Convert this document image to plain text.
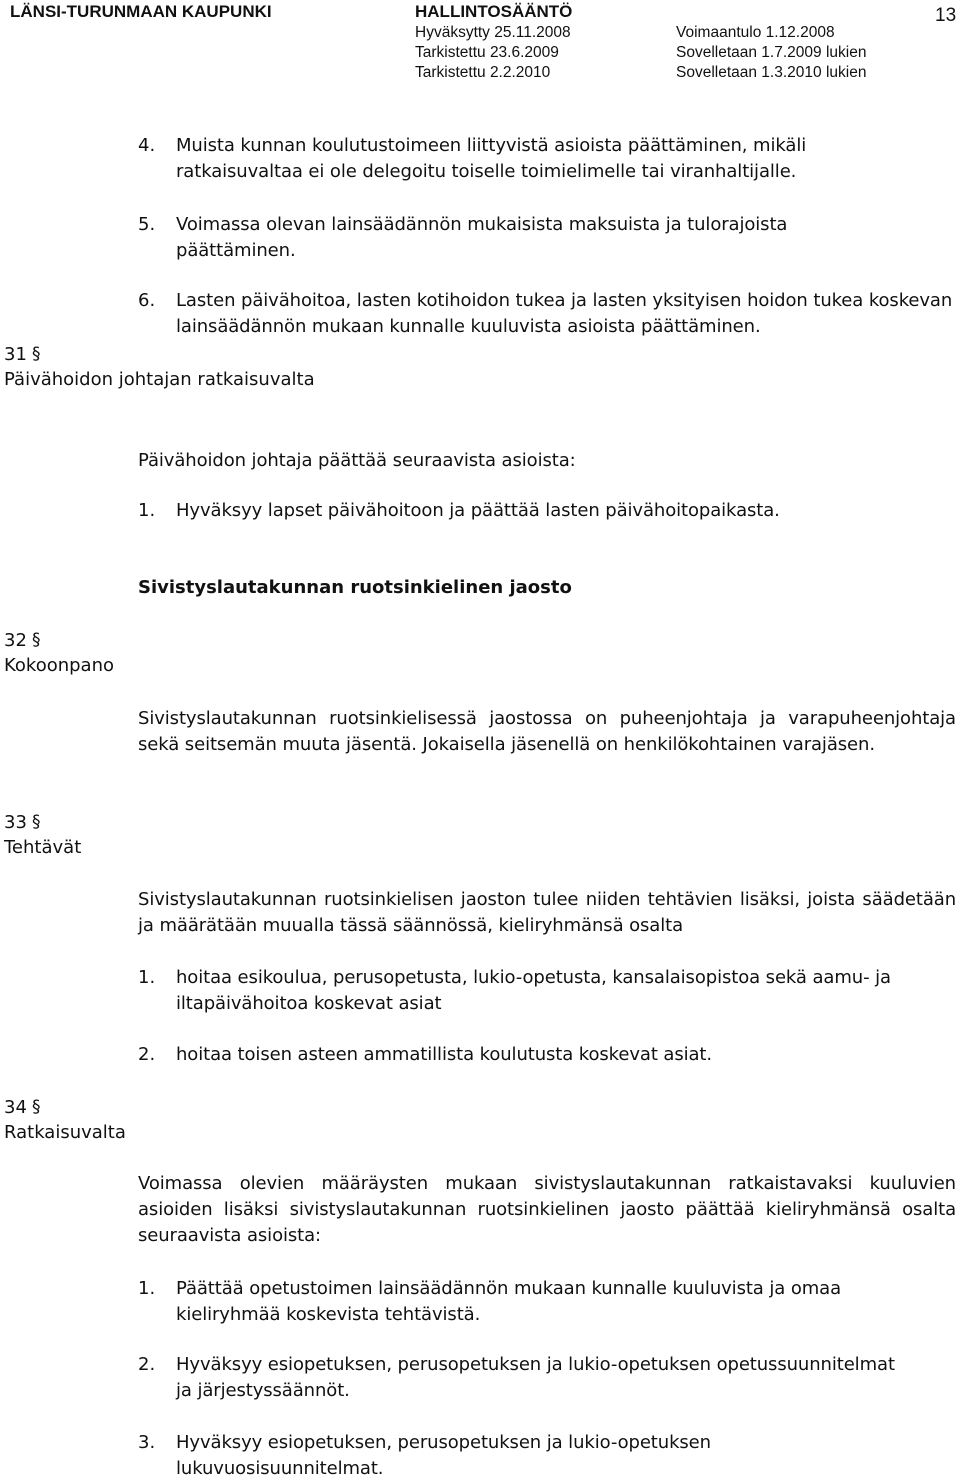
LÄNSI-TURUNMAAN KAUPUNKI	HALLINTOSÄÄNTÖ
Hyväksytty 25.11.2008
Tarkistettu 23.6.2009
Tarkistettu 2.2.2010
Voimaantulo 1.12.2008
Sovelletaan 1.7.2009 lukien
Sovelletaan 1.3.2010 lukien
13
4. Muista kunnan koulutustoimeen liittyvistä asioista päättäminen, mikäli ratkaisuvaltaa ei ole delegoitu toiselle toimielimelle tai viranhaltijalle.
5. Voimassa olevan lainsäädännön mukaisista maksuista ja tulorajoista päättäminen.
6. Lasten päivähoitoa, lasten kotihoidon tukea ja lasten yksityisen hoidon tukea koskevan lainsäädännön mukaan kunnalle kuuluvista asioista päättäminen.
31 §

Päivähoidon johtajan ratkaisuvalta
Päivähoidon johtaja päättää seuraavista asioista:
1. Hyväksyy lapset päivähoitoon ja päättää lasten päivähoitopaikasta.
Sivistyslautakunnan ruotsinkielinen jaosto
32 §

Kokoonpano
Sivistyslautakunnan ruotsinkielisessä jaostossa on puheenjohtaja ja varapuheenjohtaja sekä seitsemän muuta jäsentä. Jokaisella jäsenellä on henkilökohtainen varajäsen.
33 §

Tehtävät
Sivistyslautakunnan ruotsinkielisen jaoston tulee niiden tehtävien lisäksi, joista säädetään ja määrätään muualla tässä säännössä, kieliryhmänsä osalta
1. hoitaa esikoulua, perusopetusta, lukio-opetusta, kansalaisopistoa sekä aamu- ja iltapäivähoitoa koskevat asiat
2. hoitaa toisen asteen ammatillista koulutusta koskevat asiat.
34 §

Ratkaisuvalta
Voimassa olevien määräysten mukaan sivistyslautakunnan ratkaistavaksi kuuluvien asioiden lisäksi sivistyslautakunnan ruotsinkielinen jaosto päättää kieliryhmänsä osalta seuraavista asioista:
1. Päättää opetustoimen lainsäädännön mukaan kunnalle kuuluvista ja omaa kieliryhmää koskevista tehtävistä.
2. Hyväksyy esiopetuksen, perusopetuksen ja lukio-opetuksen opetussuunnitelmat ja järjestyssäännöt.
3. Hyväksyy esiopetuksen, perusopetuksen ja lukio-opetuksen lukuvuosisuunnitelmat.
